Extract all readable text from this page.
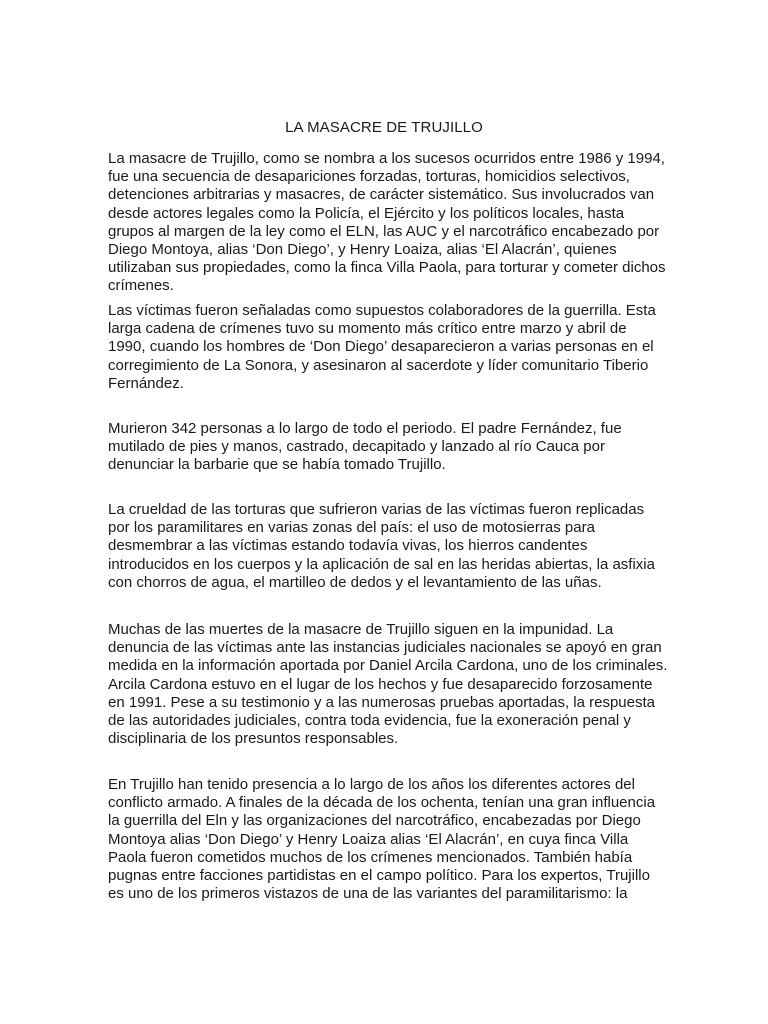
LA MASACRE DE TRUJILLO

La masacre de Trujillo, como se nombra a los sucesos ocurridos entre 1986 y 1994, fue una secuencia de desapariciones forzadas, torturas, homicidios selectivos, detenciones arbitrarias y masacres, de carácter sistemático. Sus involucrados van desde actores legales como la Policía, el Ejército y los políticos locales, hasta grupos al margen de la ley como el ELN, las AUC y el narcotráfico encabezado por Diego Montoya, alias ‘Don Diego’, y Henry Loaiza, alias ‘El Alacrán’, quienes utilizaban sus propiedades, como la finca Villa Paola, para torturar y cometer dichos crímenes.

Las víctimas fueron señaladas como supuestos colaboradores de la guerrilla. Esta larga cadena de crímenes tuvo su momento más crítico entre marzo y abril de 1990, cuando los hombres de ‘Don Diego’ desaparecieron a varias personas en el corregimiento de La Sonora, y asesinaron al sacerdote y líder comunitario Tiberio Fernández.

Murieron 342 personas a lo largo de todo el periodo. El padre Fernández, fue mutilado de pies y manos, castrado, decapitado y lanzado al río Cauca por denunciar la barbarie que se había tomado Trujillo.

La crueldad de las torturas que sufrieron varias de las víctimas fueron replicadas por los paramilitares en varias zonas del país: el uso de motosierras para desmembrar a las víctimas estando todavía vivas, los hierros candentes introducidos en los cuerpos y la aplicación de sal en las heridas abiertas, la asfixia con chorros de agua, el martilleo de dedos y el levantamiento de las uñas.

Muchas de las muertes de la masacre de Trujillo siguen en la impunidad. La denuncia de las víctimas ante las instancias judiciales nacionales se apoyó en gran medida en la información aportada por Daniel Arcila Cardona, uno de los criminales. Arcila Cardona estuvo en el lugar de los hechos y fue desaparecido forzosamente en 1991. Pese a su testimonio y a las numerosas pruebas aportadas, la respuesta de las autoridades judiciales, contra toda evidencia, fue la exoneración penal y disciplinaria de los presuntos responsables.

En Trujillo han tenido presencia a lo largo de los años los diferentes actores del conflicto armado. A finales de la década de los ochenta, tenían una gran influencia la guerrilla del Eln y las organizaciones del narcotráfico, encabezadas por Diego Montoya alias ‘Don Diego’ y Henry Loaiza alias ‘El Alacrán’, en cuya finca Villa Paola fueron cometidos muchos de los crímenes mencionados. También había pugnas entre facciones partidistas en el campo político. Para los expertos, Trujillo es uno de los primeros vistazos de una de las variantes del paramilitarismo: la
